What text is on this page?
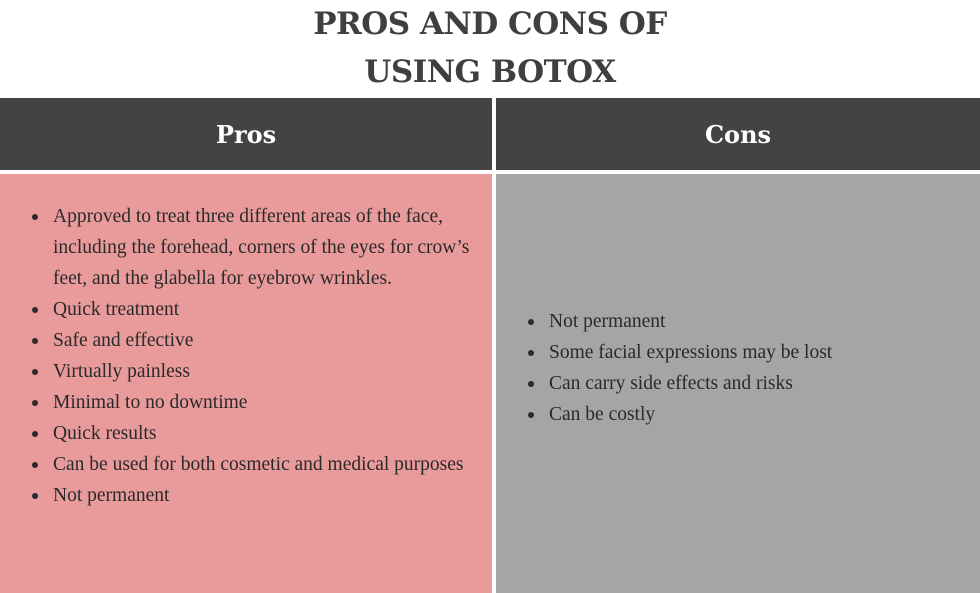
PROS AND CONS OF
USING BOTOX
Pros	Cons
Approved to treat three different areas of the face, including the forehead, corners of the eyes for crow’s feet, and the glabella for eyebrow wrinkles.
Quick treatment
Safe and effective
Virtually painless
Minimal to no downtime
Quick results
Can be used for both cosmetic and medical purposes
Not permanent
Not permanent
Some facial expressions may be lost
Can carry side effects and risks
Can be costly
